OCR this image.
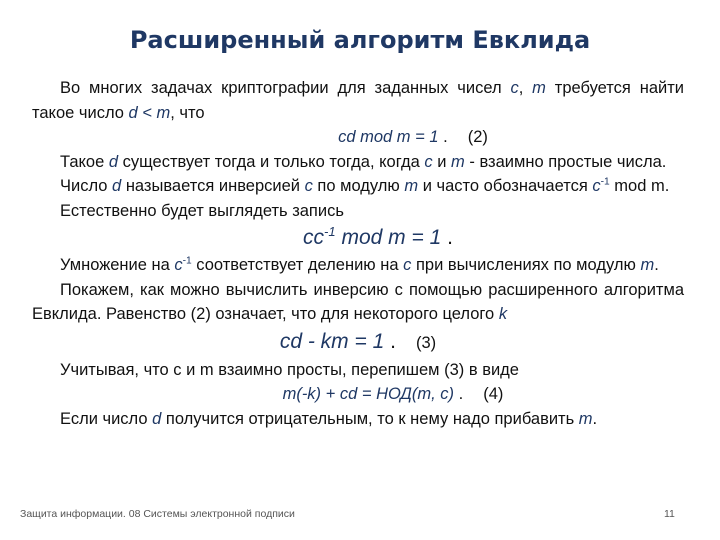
Расширенный алгоритм Евклида

Во многих задачах криптографии для заданных чисел c, m требуется найти такое число d < m, что

cd mod m = 1 . (2)

Такое d существует тогда и только тогда, когда c и m - взаимно простые числа.

Число d называется инверсией c по модулю m и часто обозначается $c^{-1}$ mod m.

Естественно будет выглядеть запись

$cc^{-1}$ mod m = 1 .

Умножение на $c^{-1}$ соответствует делению на c при вычислениях по модулю m.

Покажем, как можно вычислить инверсию с помощью расширенного алгоритма Евклида. Равенство (2) означает, что для некоторого целого k

cd - km = 1 . (3)

Учитывая, что с и m взаимно просты, перепишем (3) в виде

m(-k) + cd = НОД(m, c) . (4)

Если число d получится отрицательным, то к нему надо прибавить m.

Защита информации. 08 Системы электронной подписи	11
